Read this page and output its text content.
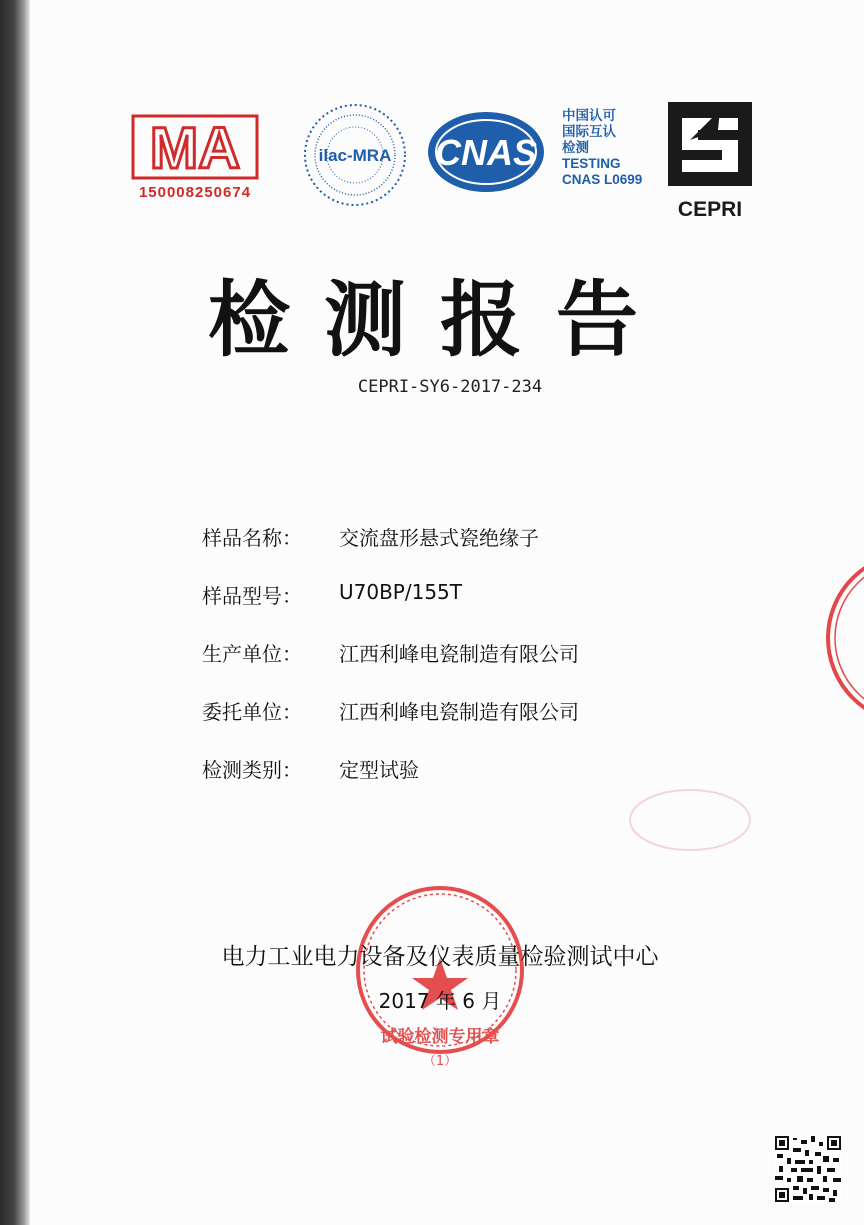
MA
150008250674
ilac-MRA CNAS
中国认可
国际互认
检测
TESTING
CNAS L0699
CEPRI
检测报告
CEPRI-SY6-2017-234
样品名称：	交流盘形悬式瓷绝缘子
样品型号：	U70BP/155T
生产单位：	江西利峰电瓷制造有限公司
委托单位：	江西利峰电瓷制造有限公司
检测类别：	定型试验
试验检测专用章
（1）
电力工业电力设备及仪表质量检验测试中心
2017 年 6 月
